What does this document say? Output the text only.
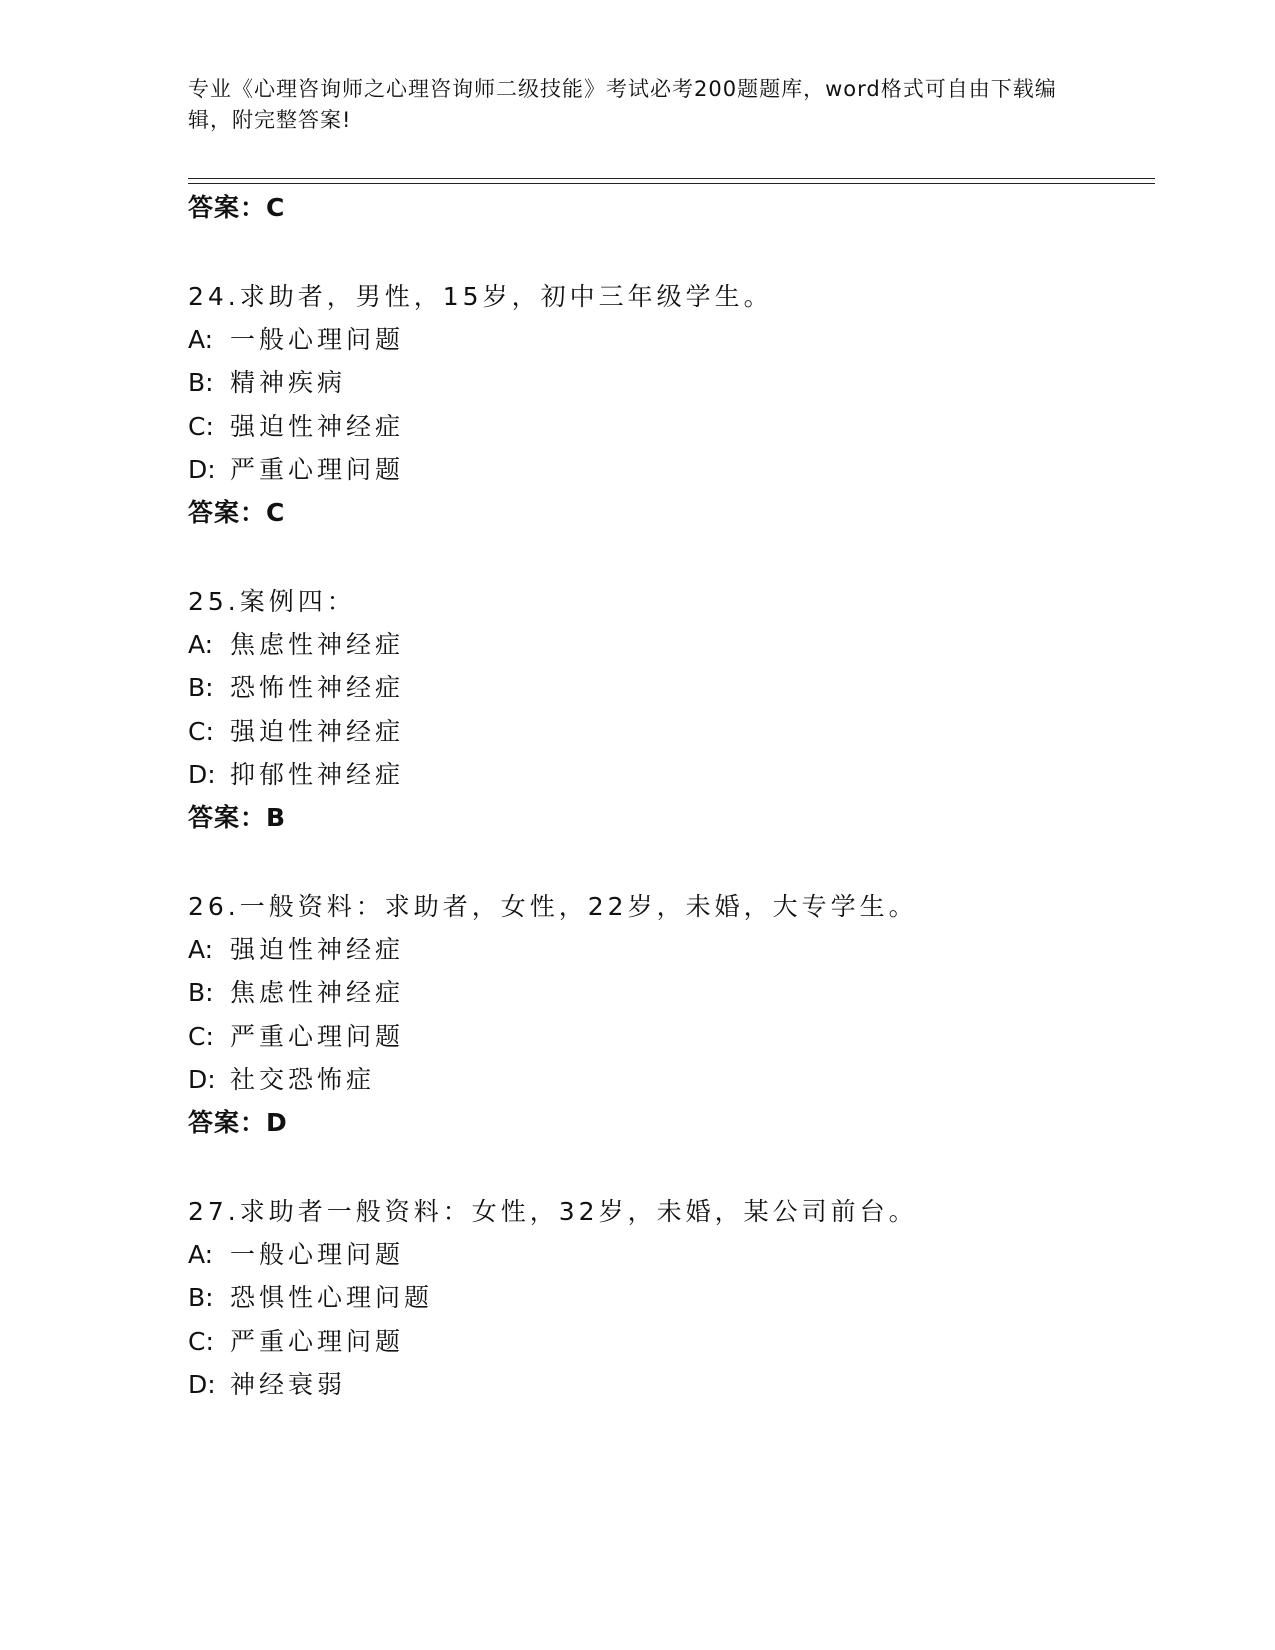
专业《心理咨询师之心理咨询师二级技能》考试必考200题题库，word格式可自由下载编辑，附完整答案!
答案：C
24.求助者，男性，15岁，初中三年级学生。
A: 一般心理问题
B: 精神疾病
C: 强迫性神经症
D: 严重心理问题
答案：C
25.案例四：
A: 焦虑性神经症
B: 恐怖性神经症
C: 强迫性神经症
D: 抑郁性神经症
答案：B
26.一般资料：求助者，女性，22岁，未婚，大专学生。
A: 强迫性神经症
B: 焦虑性神经症
C: 严重心理问题
D: 社交恐怖症
答案：D
27.求助者一般资料：女性，32岁，未婚，某公司前台。
A: 一般心理问题
B: 恐惧性心理问题
C: 严重心理问题
D: 神经衰弱
